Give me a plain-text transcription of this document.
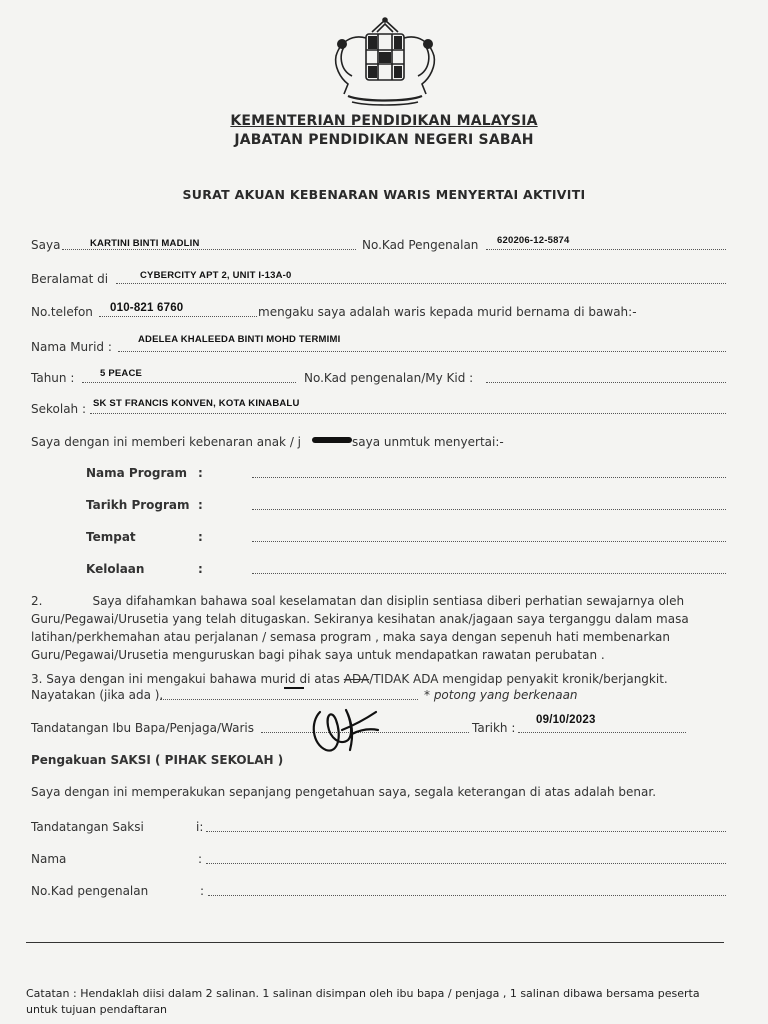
KEMENTERIAN PENDIDIKAN MALAYSIA
JABATAN PENDIDIKAN NEGERI SABAH
SURAT AKUAN KEBENARAN WARIS MENYERTAI AKTIVITI
Saya	KARTINI BINTI MADLIN	No.Kad Pengenalan 620206-12-5874
Beralamat di	CYBERCITY APT 2, UNIT I-13A-0
No.telefon 010-821 6760	mengaku saya adalah waris kepada murid bernama di bawah:-
Nama Murid :
ADELEA KHALEEDA BINTI MOHD TERMIMI
Tahun :	5 PEACE	No.Kad pengenalan/My Kid :
Sekolah : SK ST FRANCIS KONVEN, KOTA KINABALU
Saya dengan ini memberi kebenaran anak / j	saya unmtuk menyertai:-
Nama Program :
Tarikh Program :
Tempat	:
Kelolaan	:
2.	Saya difahamkan bahawa soal keselamatan dan disiplin sentiasa diberi perhatian sewajarnya oleh
Guru/Pegawai/Urusetia yang telah ditugaskan. Sekiranya kesihatan anak/jagaan saya terganggu dalam masa
latihan/perkhemahan atau perjalanan / semasa program , maka saya dengan sepenuh hati membenarkan
Guru/Pegawai/Urusetia menguruskan bagi pihak saya untuk mendapatkan rawatan perubatan .
3. Saya dengan ini mengakui bahawa murid di atas ADA/TIDAK ADA mengidap penyakit kronik/berjangkit.
Nayatakan (jika ada ).	* potong yang berkenaan
Tandatangan Ibu Bapa/Penjaga/Waris	Tarikh :
09/10/2023
Pengakuan SAKSI ( PIHAK SEKOLAH )
Saya dengan ini memperakukan sepanjang pengetahuan saya, segala keterangan di atas adalah benar.
Tandatangan Saksi	i:
Nama	:
No.Kad pengenalan	:
Catatan : Hendaklah diisi dalam 2 salinan. 1 salinan disimpan oleh ibu bapa / penjaga , 1 salinan dibawa bersama peserta
untuk tujuan pendaftaran
